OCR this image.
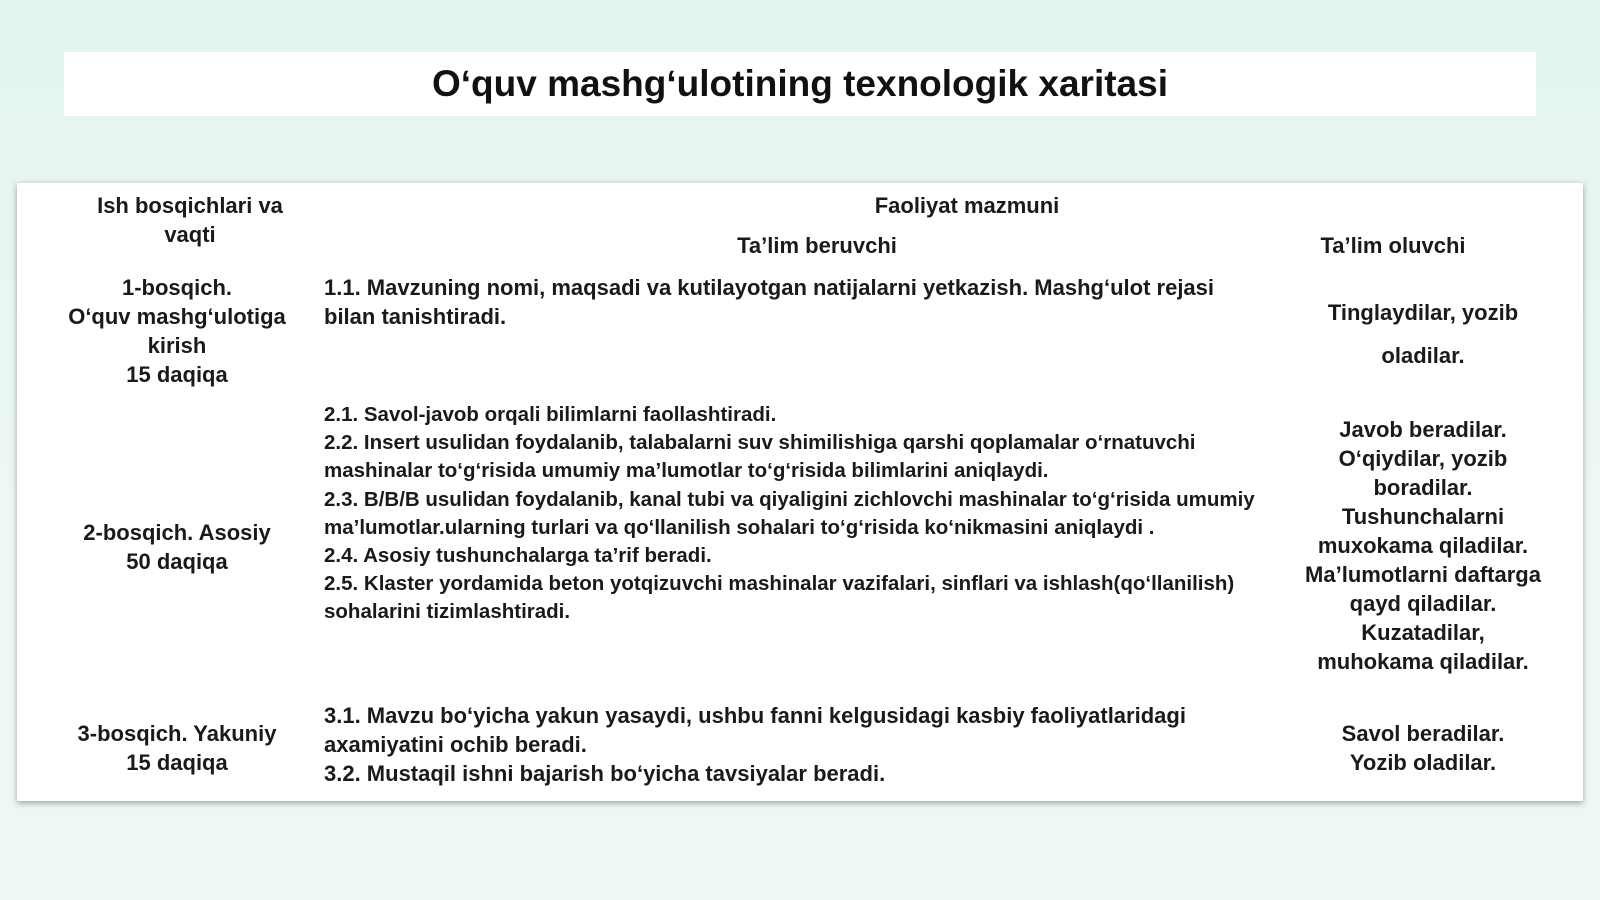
O‘quv mashg‘ulotining texnologik xaritasi
Ish bosqichlari va
vaqti
Faoliyat mazmuni
Ta’lim beruvchi	Ta’lim oluvchi
1-bosqich.
O‘quv mashg‘ulotiga
kirish
15 daqiqa
1.1. Mavzuning nomi, maqsadi va kutilayotgan natijalarni yetkazish. Mashg‘ulot rejasi bilan tanishtiradi.	Tinglaydilar, yozib
oladilar.
2-bosqich. Asosiy
50 daqiqa
2.1. Savol-javob orqali bilimlarni faollashtiradi.
2.2. Insert usulidan foydalanib, talabalarni suv shimilishiga qarshi qoplamalar o‘rnatuvchi mashinalar to‘g‘risida umumiy ma’lumotlar to‘g‘risida bilimlarini aniqlaydi.
2.3. B/B/B usulidan foydalanib, kanal tubi va qiyaligini zichlovchi mashinalar to‘g‘risida umumiy ma’lumotlar.ularning turlari va qo‘llanilish sohalari to‘g‘risida ko‘nikmasini aniqlaydi .
2.4. Asosiy tushunchalarga ta’rif beradi.
2.5. Klaster yordamida beton yotqizuvchi mashinalar vazifalari, sinflari va ishlash(qo‘llanilish) sohalarini tizimlashtiradi.
Javob beradilar.
O‘qiydilar, yozib
boradilar.
Tushunchalarni
muxokama qiladilar.
Ma’lumotlarni daftarga
qayd qiladilar.
Kuzatadilar,
muhokama qiladilar.
3-bosqich. Yakuniy
15 daqiqa
3.1. Mavzu bo‘yicha yakun yasaydi, ushbu fanni kelgusidagi kasbiy faoliyatlaridagi axamiyatini ochib beradi.
3.2. Mustaqil ishni bajarish bo‘yicha tavsiyalar beradi.
Savol beradilar.
Yozib oladilar.
